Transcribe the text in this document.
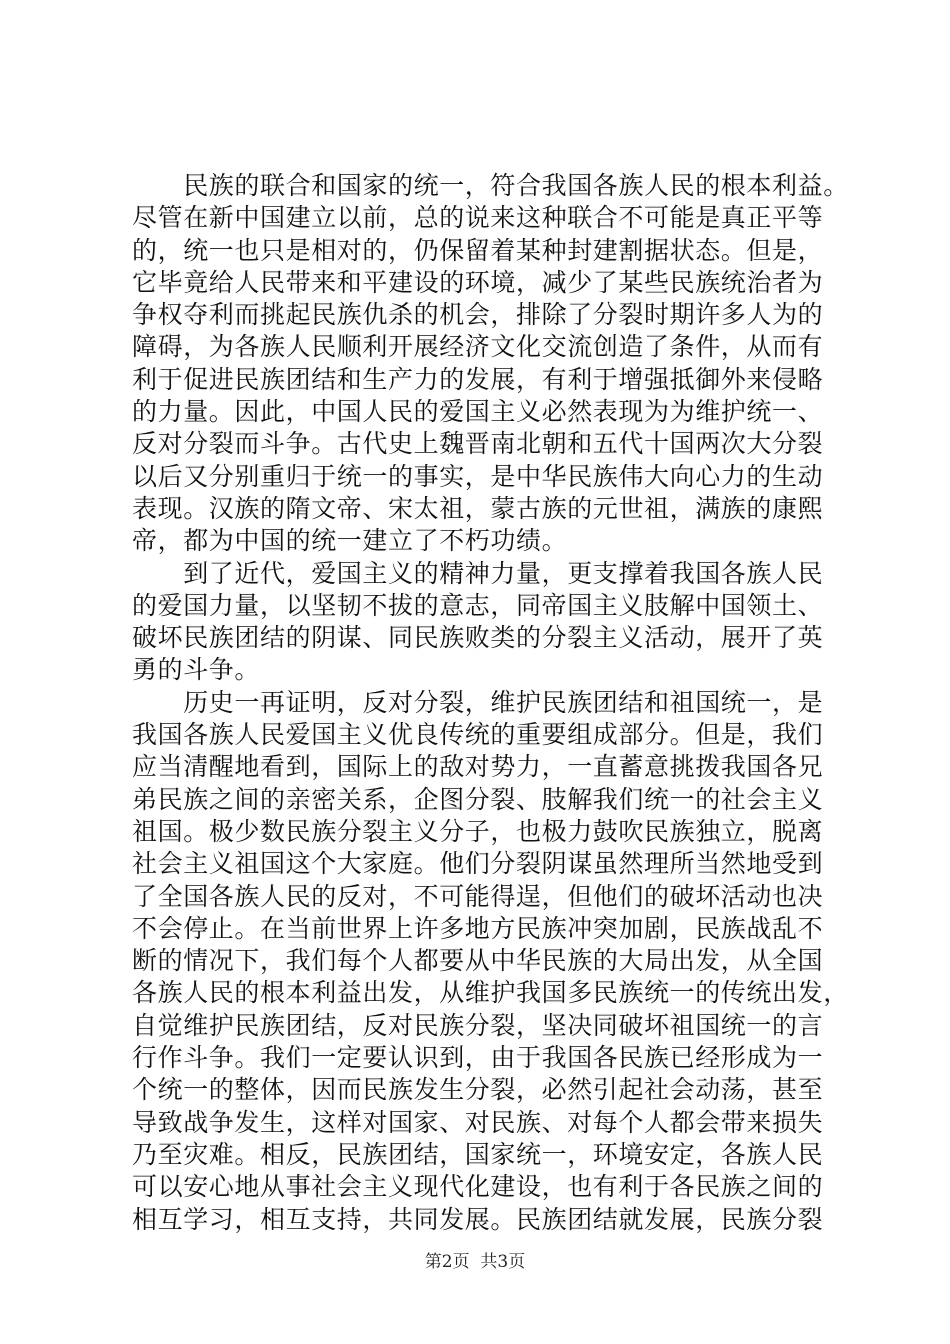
　　民族的联合和国家的统一，符合我国各族人民的根本利益。
尽管在新中国建立以前，总的说来这种联合不可能是真正平等
的，统一也只是相对的，仍保留着某种封建割据状态。但是，
它毕竟给人民带来和平建设的环境，减少了某些民族统治者为
争权夺利而挑起民族仇杀的机会，排除了分裂时期许多人为的
障碍，为各族人民顺利开展经济文化交流创造了条件，从而有
利于促进民族团结和生产力的发展，有利于增强抵御外来侵略
的力量。因此，中国人民的爱国主义必然表现为为维护统一、
反对分裂而斗争。古代史上魏晋南北朝和五代十国两次大分裂
以后又分别重归于统一的事实，是中华民族伟大向心力的生动
表现。汉族的隋文帝、宋太祖，蒙古族的元世祖，满族的康熙
帝，都为中国的统一建立了不朽功绩。
　　到了近代，爱国主义的精神力量，更支撑着我国各族人民
的爱国力量，以坚韧不拔的意志，同帝国主义肢解中国领土、
破坏民族团结的阴谋、同民族败类的分裂主义活动，展开了英
勇的斗争。
　　历史一再证明，反对分裂，维护民族团结和祖国统一，是
我国各族人民爱国主义优良传统的重要组成部分。但是，我们
应当清醒地看到，国际上的敌对势力，一直蓄意挑拨我国各兄
弟民族之间的亲密关系，企图分裂、肢解我们统一的社会主义
祖国。极少数民族分裂主义分子，也极力鼓吹民族独立，脱离
社会主义祖国这个大家庭。他们分裂阴谋虽然理所当然地受到
了全国各族人民的反对，不可能得逞，但他们的破坏活动也决
不会停止。在当前世界上许多地方民族冲突加剧，民族战乱不
断的情况下，我们每个人都要从中华民族的大局出发，从全国
各族人民的根本利益出发，从维护我国多民族统一的传统出发，
自觉维护民族团结，反对民族分裂，坚决同破坏祖国统一的言
行作斗争。我们一定要认识到，由于我国各民族已经形成为一
个统一的整体，因而民族发生分裂，必然引起社会动荡，甚至
导致战争发生，这样对国家、对民族、对每个人都会带来损失
乃至灾难。相反，民族团结，国家统一，环境安定，各族人民
可以安心地从事社会主义现代化建设，也有利于各民族之间的
相互学习，相互支持，共同发展。民族团结就发展，民族分裂
第2页  共3页
